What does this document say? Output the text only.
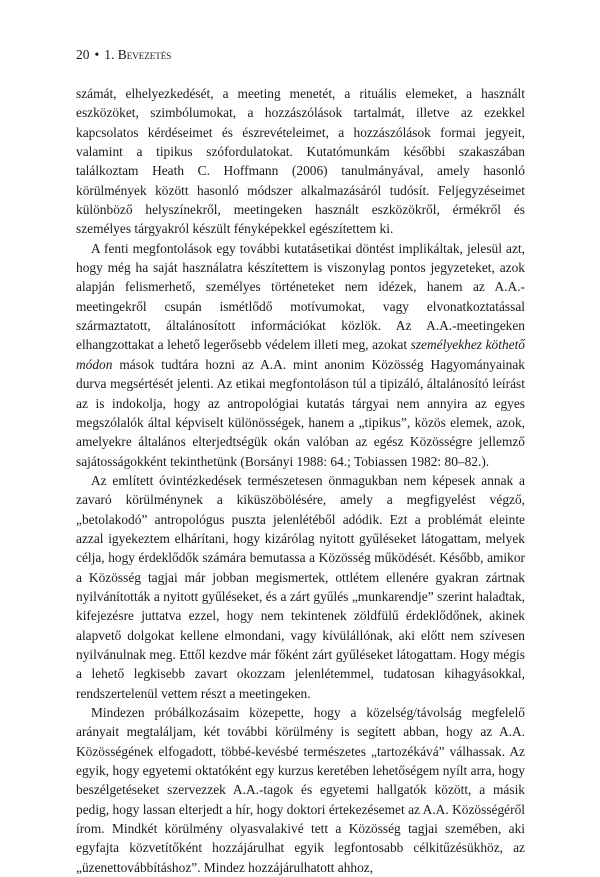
20 • 1. Bevezetés

számát, elhelyezkedését, a meeting menetét, a rituális elemeket, a használt eszközöket, szimbólumokat, a hozzászólások tartalmát, illetve az ezekkel kapcsolatos kérdéseimet és észrevételeimet, a hozzászólások formai jegyeit, valamint a tipikus szófordulatokat. Kutatómunkám későbbi szakaszában találkoztam Heath C. Hoffmann (2006) tanulmányával, amely hasonló körülmények között hasonló módszer alkalmazásáról tudósít. Feljegyzéseimet különböző helyszínekről, meetingeken használt eszközökről, érmékről és személyes tárgyakról készült fényképekkel egészítettem ki.

A fenti megfontolások egy további kutatásetikai döntést implikáltak, jelesül azt, hogy még ha saját használatra készítettem is viszonylag pontos jegyzeteket, azok alapján felismerhető, személyes történeteket nem idézek, hanem az A.A.-meetingekről csupán ismétlődő motívumokat, vagy elvonatkoztatással származtatott, általánosított információkat közlök. Az A.A.-meetingeken elhangzottakat a lehető legerősebb védelem illeti meg, azokat személyekhez köthető módon mások tudtára hozni az A.A. mint anonim Közösség Hagyományainak durva megsértését jelenti. Az etikai megfontoláson túl a tipizáló, általánosító leírást az is indokolja, hogy az antropológiai kutatás tárgyai nem annyira az egyes megszólalók által képviselt különösségek, hanem a „tipikus”, közös elemek, azok, amelyekre általános elterjedtségük okán valóban az egész Közösségre jellemző sajátosságokként tekinthetünk (Borsányi 1988: 64.; Tobiassen 1982: 80–82.).

Az említett óvintézkedések természetesen önmagukban nem képesek annak a zavaró körülménynek a kiküszöbölésére, amely a megfigyelést végző, „betolakodó” antropológus puszta jelenlétéből adódik. Ezt a problémát eleinte azzal igyekeztem elhárítani, hogy kizárólag nyitott gyűléseket látogattam, melyek célja, hogy érdeklődők számára bemutassa a Közösség működését. Később, amikor a Közösség tagjai már jobban megismertek, ottlétem ellenére gyakran zártnak nyilvánították a nyitott gyűléseket, és a zárt gyűlés „munkarendje” szerint haladtak, kifejezésre juttatva ezzel, hogy nem tekintenek zöldfülű érdeklődőnek, akinek alapvető dolgokat kellene elmondani, vagy kívülállónak, aki előtt nem szívesen nyilvánulnak meg. Ettől kezdve már főként zárt gyűléseket látogattam. Hogy mégis a lehető legkisebb zavart okozzam jelenlétemmel, tudatosan kihagyásokkal, rendszertelenül vettem részt a meetingeken.

Mindezen próbálkozásaim közepette, hogy a közelség/távolság megfelelő arányait megtaláljam, két további körülmény is segített abban, hogy az A.A. Közösségének elfogadott, többé-kevésbé természetes „tartozékává” válhassak. Az egyik, hogy egyetemi oktatóként egy kurzus keretében lehetőségem nyílt arra, hogy beszélgetéseket szervezzek A.A.-tagok és egyetemi hallgatók között, a másik pedig, hogy lassan elterjedt a hír, hogy doktori értekezésemet az A.A. Közösségéről írom. Mindkét körülmény olyasvalakivé tett a Közösség tagjai szemében, aki egyfajta közvetítőként hozzájárulhat egyik legfontosabb célkitűzésükhöz, az „üzenettovábbításhoz”. Mindez hozzájárulhatott ahhoz,
